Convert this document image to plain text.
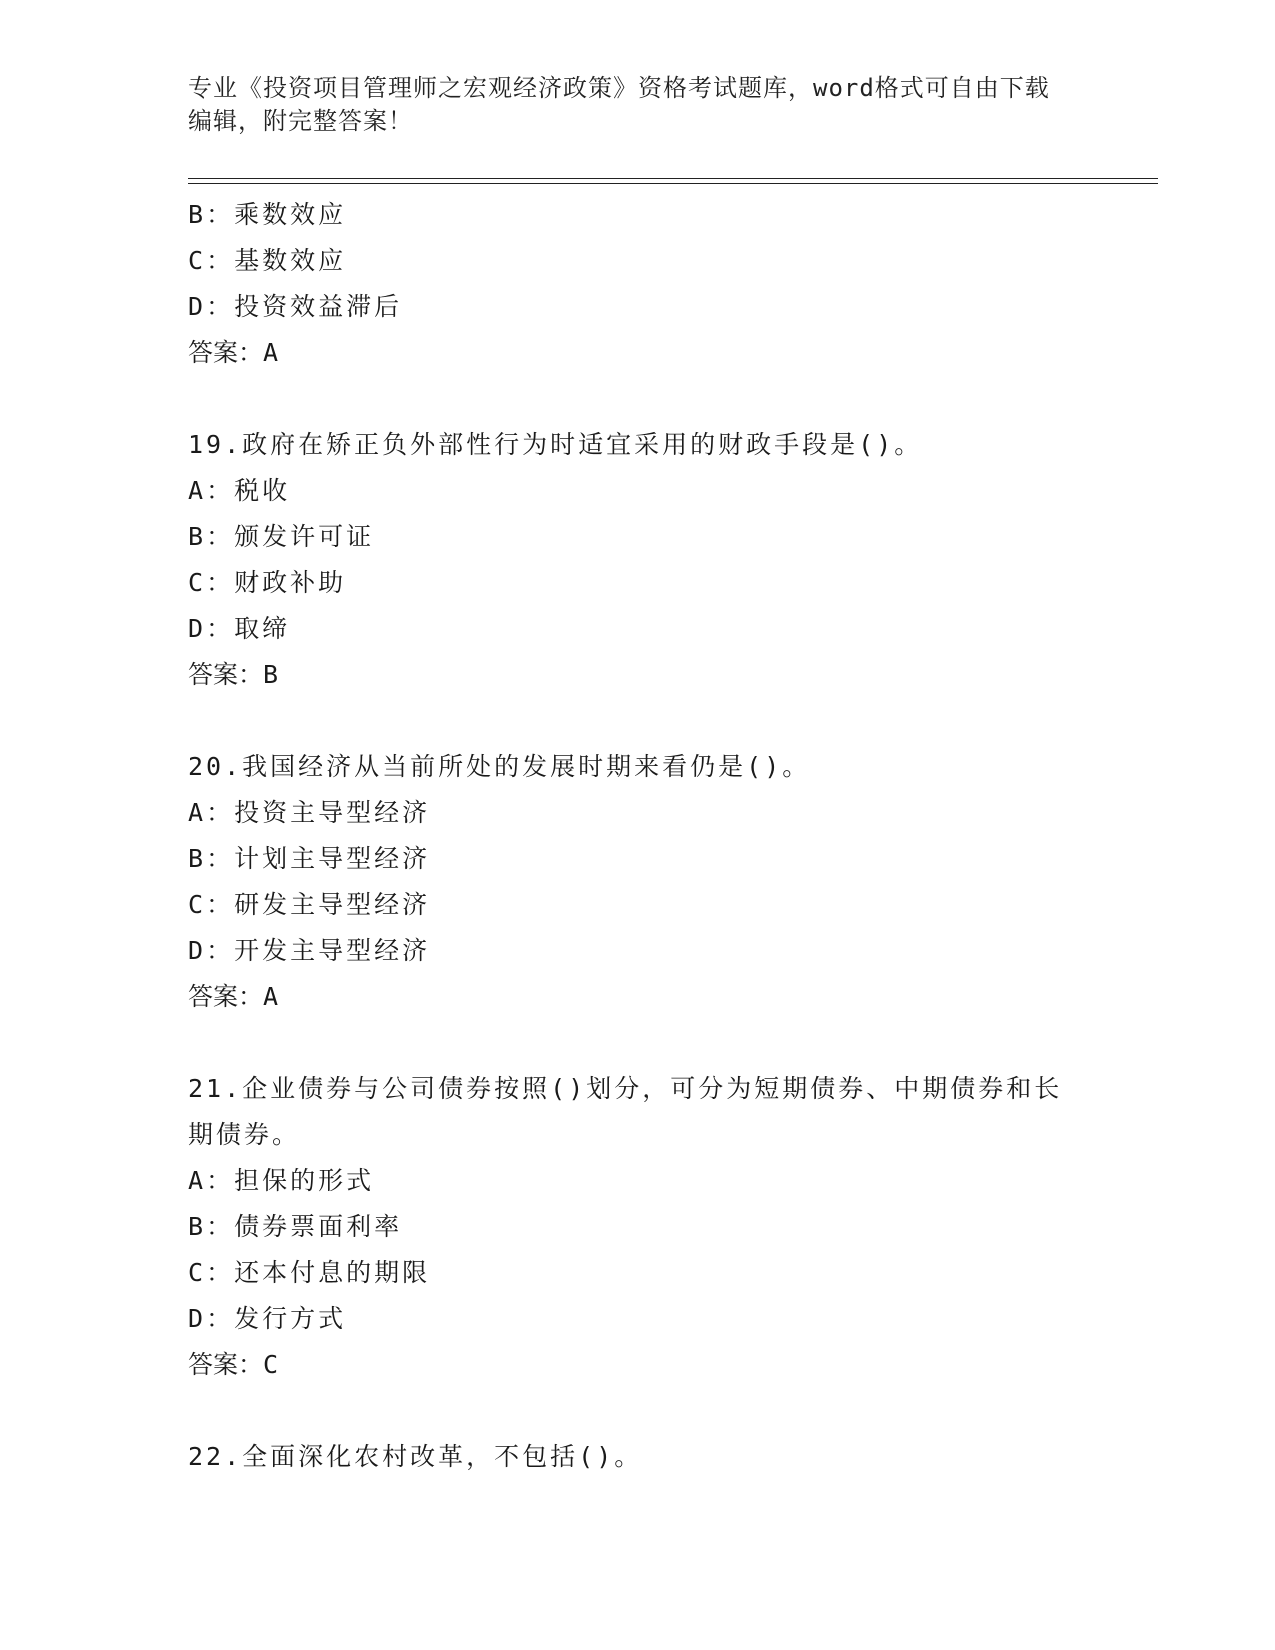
专业《投资项目管理师之宏观经济政策》资格考试题库，word格式可自由下载编辑，附完整答案！
B：乘数效应
C：基数效应
D：投资效益滞后
答案：A
19.政府在矫正负外部性行为时适宜采用的财政手段是()。
A：税收
B：颁发许可证
C：财政补助
D：取缔
答案：B
20.我国经济从当前所处的发展时期来看仍是()。
A：投资主导型经济
B：计划主导型经济
C：研发主导型经济
D：开发主导型经济
答案：A
21.企业债券与公司债券按照()划分，可分为短期债券、中期债券和长期债券。
A：担保的形式
B：债券票面利率
C：还本付息的期限
D：发行方式
答案：C
22.全面深化农村改革，不包括()。
